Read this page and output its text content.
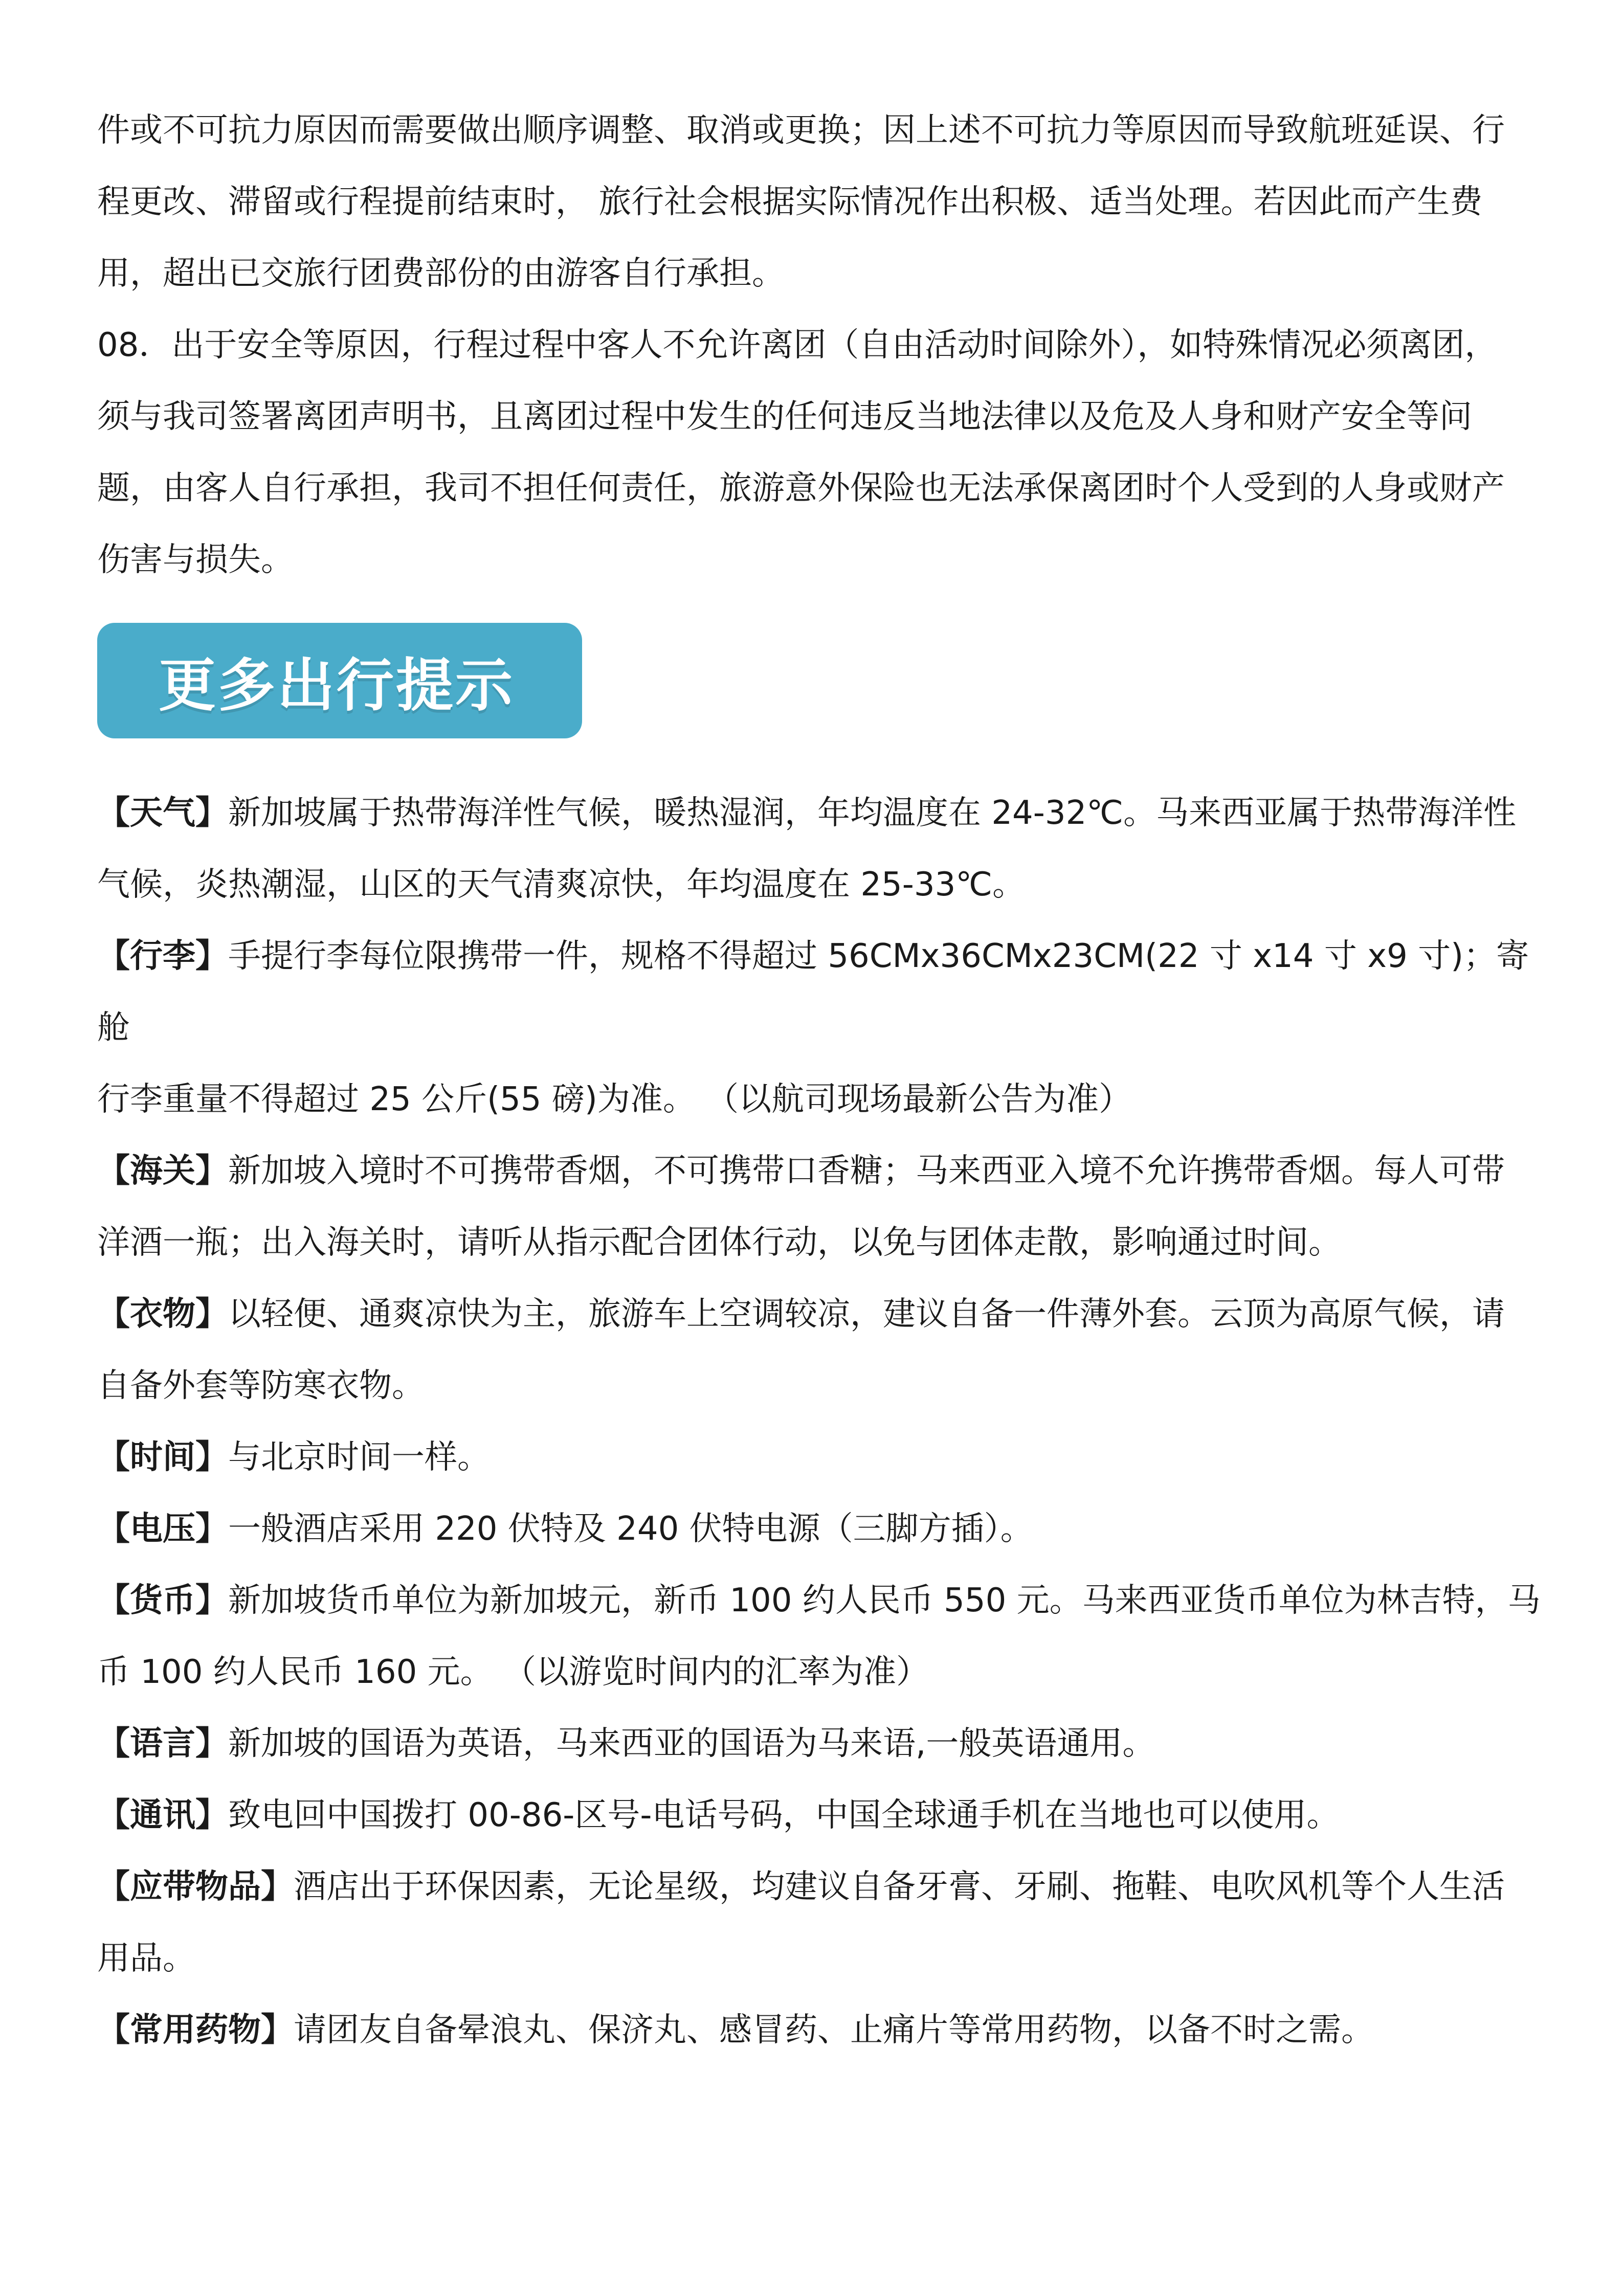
件或不可抗力原因而需要做出顺序调整、取消或更换；因上述不可抗力等原因而导致航班延误、行

程更改、滞留或行程提前结束时， 旅行社会根据实际情况作出积极、适当处理。若因此而产生费

用，超出已交旅行团费部份的由游客自行承担。

08．出于安全等原因，行程过程中客人不允许离团（自由活动时间除外），如特殊情况必须离团，

须与我司签署离团声明书，且离团过程中发生的任何违反当地法律以及危及人身和财产安全等问

题，由客人自行承担，我司不担任何责任，旅游意外保险也无法承保离团时个人受到的人身或财产

伤害与损失。

更多出行提示

【天气】新加坡属于热带海洋性气候，暖热湿润，年均温度在 24-32℃。马来西亚属于热带海洋性

气候，炎热潮湿，山区的天气清爽凉快，年均温度在 25-33℃。

【行李】手提行李每位限携带一件，规格不得超过 56CMx36CMx23CM(22 寸 x14 寸 x9 寸)；寄舱

行李重量不得超过 25 公斤(55 磅)为准。 （以航司现场最新公告为准）

【海关】新加坡入境时不可携带香烟，不可携带口香糖；马来西亚入境不允许携带香烟。每人可带

洋酒一瓶；出入海关时，请听从指示配合团体行动，以免与团体走散，影响通过时间。

【衣物】以轻便、通爽凉快为主，旅游车上空调较凉，建议自备一件薄外套。云顶为高原气候，请

自备外套等防寒衣物。

【时间】与北京时间一样。

【电压】一般酒店采用 220 伏特及 240 伏特电源（三脚方插）。

【货币】新加坡货币单位为新加坡元，新币 100 约人民币 550 元。马来西亚货币单位为林吉特，马

币 100 约人民币 160 元。 （以游览时间内的汇率为准）

【语言】新加坡的国语为英语，马来西亚的国语为马来语,一般英语通用。

【通讯】致电回中国拨打 00-86-区号-电话号码，中国全球通手机在当地也可以使用。

【应带物品】酒店出于环保因素，无论星级，均建议自备牙膏、牙刷、拖鞋、电吹风机等个人生活

用品。

【常用药物】请团友自备晕浪丸、保济丸、感冒药、止痛片等常用药物，以备不时之需。
